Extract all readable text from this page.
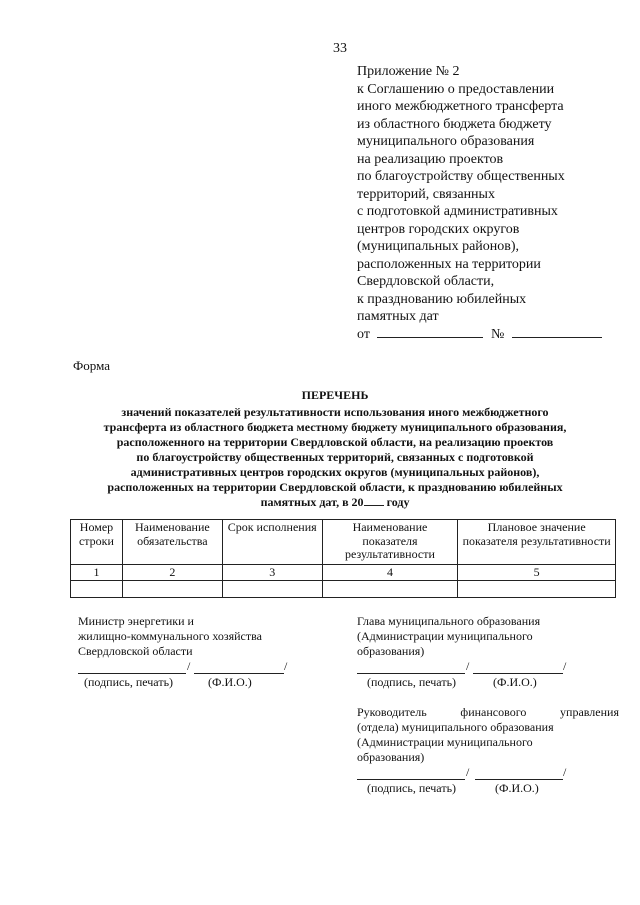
33
Приложение № 2
к Соглашению о предоставлении
иного межбюджетного трансферта
из областного бюджета бюджету
муниципального образования
на реализацию проектов
по благоустройству общественных
территорий, связанных
с подготовкой административных
центров городских округов
(муниципальных районов),
расположенных на территории
Свердловской области,
к празднованию юбилейных
памятных дат
от	№
Форма
ПЕРЕЧЕНЬ
значений показателей результативности использования иного межбюджетного
трансферта из областного бюджета местному бюджету муниципального образования,
расположенного на территории Свердловской области, на реализацию проектов
по благоустройству общественных территорий, связанных с подготовкой
административных центров городских округов (муниципальных районов),
расположенных на территории Свердловской области, к празднованию юбилейных
памятных дат, в 20 году
Номер строки	Наименование обязательства	Срок исполнения	Наименование показателя результативности	Плановое значение показателя результативности
1	2	3	4	5

Министр энергетики и
жилищно-коммунального хозяйства
Свердловской области
/	/
(подпись, печать)	(Ф.И.О.)
Глава муниципального образования
(Администрации муниципального
образования)
/	/
(подпись, печать)	(Ф.И.О.)
Руководитель	финансового	управления
(отдела) муниципального образования
(Администрации муниципального
образования)
/	/
(подпись, печать)	(Ф.И.О.)
